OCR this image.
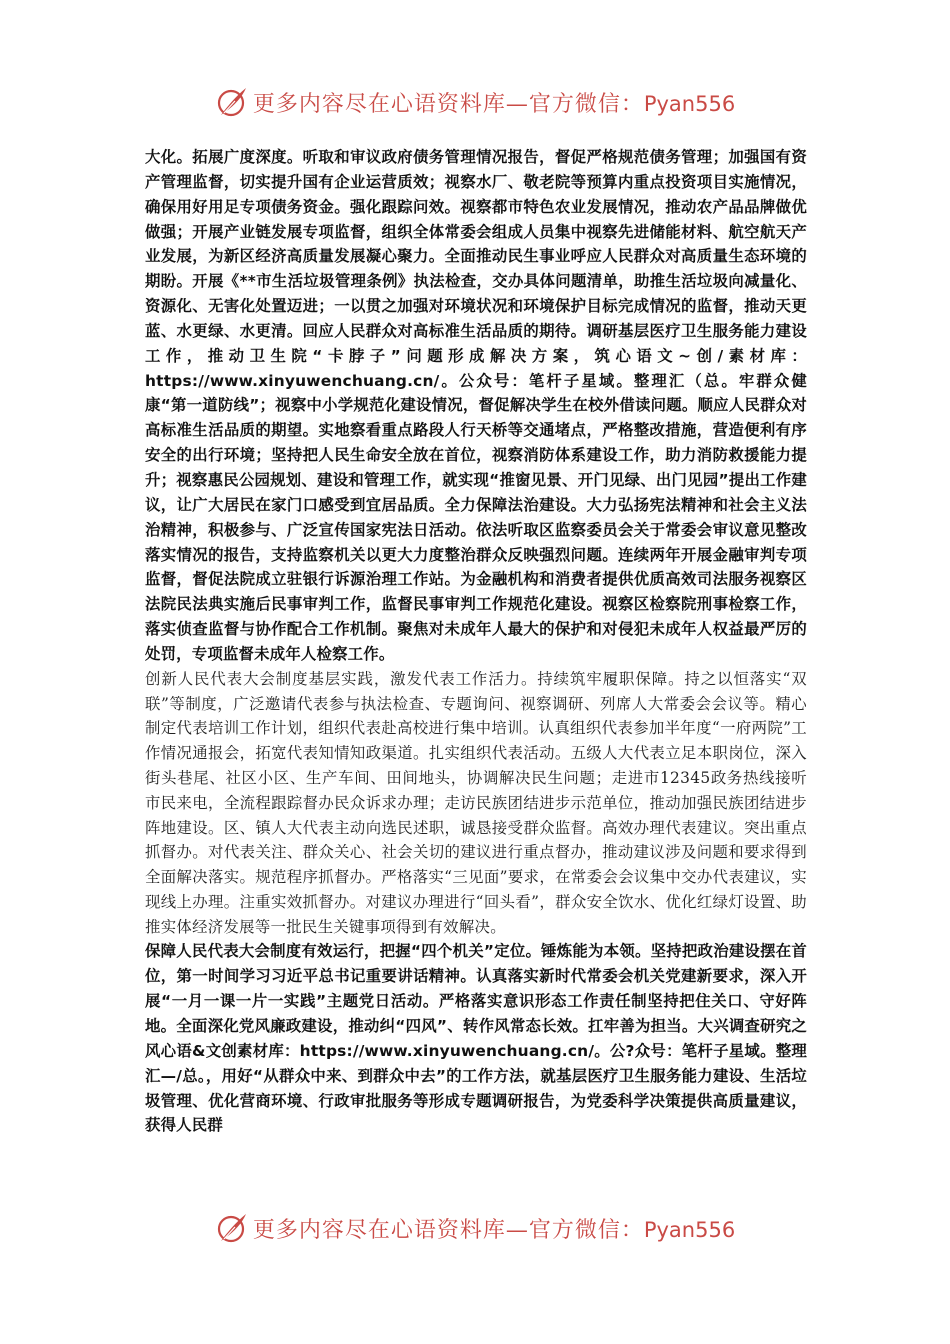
更多内容尽在心语资料库—官方微信：Pyan556

大化。拓展广度深度。听取和审议政府债务管理情况报告，督促严格规范债务管理；加强国有资产管理监督，切实提升国有企业运营质效；视察水厂、敬老院等预算内重点投资项目实施情况，确保用好用足专项债务资金。强化跟踪问效。视察都市特色农业发展情况，推动农产品品牌做优做强；开展产业链发展专项监督，组织全体常委会组成人员集中视察先进储能材料、航空航天产业发展，为新区经济高质量发展凝心聚力。全面推动民生事业呼应人民群众对高质量生态环境的期盼。开展《**市生活垃圾管理条例》执法检查，交办具体问题清单，助推生活垃圾向减量化、资源化、无害化处置迈进；一以贯之加强对环境状况和环境保护目标完成情况的监督，推动天更蓝、水更绿、水更清。回应人民群众对高标准生活品质的期待。调研基层医疗卫生服务能力建设工作，推动卫生院“卡脖子”问题形成解决方案，筑心语文~创/素材库：https://www.xinyuwenchuang.cn/。公众号：笔杆子星域。整理汇（总。牢群众健康“第一道防线”；视察中小学规范化建设情况，督促解决学生在校外借读问题。顺应人民群众对高标准生活品质的期望。实地察看重点路段人行天桥等交通堵点，严格整改措施，营造便利有序安全的出行环境；坚持把人民生命安全放在首位，视察消防体系建设工作，助力消防救援能力提升；视察惠民公园规划、建设和管理工作，就实现“推窗见景、开门见绿、出门见园”提出工作建议，让广大居民在家门口感受到宜居品质。全力保障法治建设。大力弘扬宪法精神和社会主义法治精神，积极参与、广泛宣传国家宪法日活动。依法听取区监察委员会关于常委会审议意见整改落实情况的报告，支持监察机关以更大力度整治群众反映强烈问题。连续两年开展金融审判专项监督，督促法院成立驻银行诉源治理工作站。为金融机构和消费者提供优质高效司法服务视察区法院民法典实施后民事审判工作，监督民事审判工作规范化建设。视察区检察院刑事检察工作，落实侦查监督与协作配合工作机制。聚焦对未成年人最大的保护和对侵犯未成年人权益最严厉的处罚，专项监督未成年人检察工作。

创新人民代表大会制度基层实践，激发代表工作活力。持续筑牢履职保障。持之以恒落实“双联”等制度，广泛邀请代表参与执法检查、专题询问、视察调研、列席人大常委会会议等。精心制定代表培训工作计划，组织代表赴高校进行集中培训。认真组织代表参加半年度“一府两院”工作情况通报会，拓宽代表知情知政渠道。扎实组织代表活动。五级人大代表立足本职岗位，深入街头巷尾、社区小区、生产车间、田间地头，协调解决民生问题；走进市12345政务热线接听市民来电，全流程跟踪督办民众诉求办理；走访民族团结进步示范单位，推动加强民族团结进步阵地建设。区、镇人大代表主动向选民述职，诚恳接受群众监督。高效办理代表建议。突出重点抓督办。对代表关注、群众关心、社会关切的建议进行重点督办，推动建议涉及问题和要求得到全面解决落实。规范程序抓督办。严格落实“三见面”要求，在常委会会议集中交办代表建议，实现线上办理。注重实效抓督办。对建议办理进行“回头看”，群众安全饮水、优化红绿灯设置、助推实体经济发展等一批民生关键事项得到有效解决。

保障人民代表大会制度有效运行，把握“四个机关”定位。锤炼能为本领。坚持把政治建设摆在首位，第一时间学习习近平总书记重要讲话精神。认真落实新时代常委会机关党建新要求，深入开展“一月一课一片一实践”主题党日活动。严格落实意识形态工作责任制坚持把住关口、守好阵地。全面深化党风廉政建设，推动纠“四风”、转作风常态长效。扛牢善为担当。大兴调查研究之风心语&文创素材库：https://www.xinyuwenchuang.cn/。公?众号：笔杆子星域。整理汇—/总。，用好“从群众中来、到群众中去”的工作方法，就基层医疗卫生服务能力建设、生活垃圾管理、优化营商环境、行政审批服务等形成专题调研报告，为党委科学决策提供高质量建议，获得人民群

更多内容尽在心语资料库—官方微信：Pyan556
